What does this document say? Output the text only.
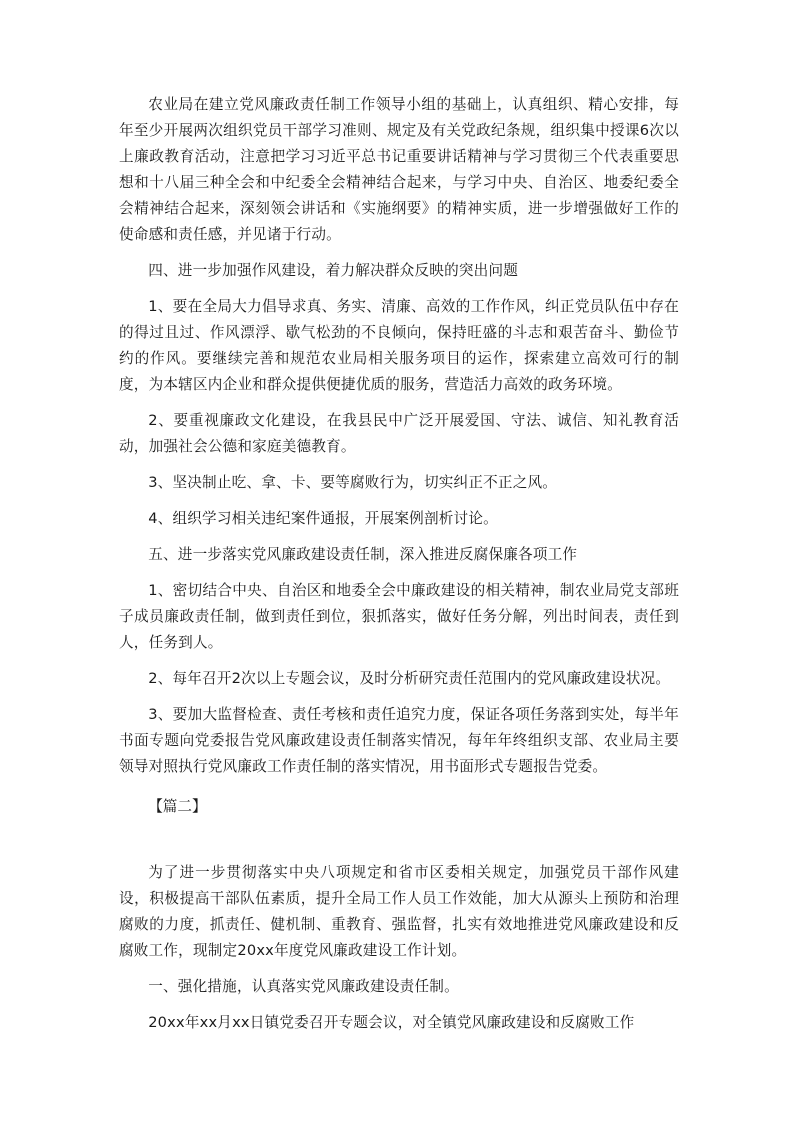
农业局在建立党风廉政责任制工作领导小组的基础上，认真组织、精心安排，每年至少开展两次组织党员干部学习准则、规定及有关党政纪条规，组织集中授课6次以上廉政教育活动，注意把学习习近平总书记重要讲话精神与学习贯彻三个代表重要思想和十八届三种全会和中纪委全会精神结合起来，与学习中央、自治区、地委纪委全会精神结合起来，深刻领会讲话和《实施纲要》的精神实质，进一步增强做好工作的使命感和责任感，并见诸于行动。

四、进一步加强作风建设，着力解决群众反映的突出问题

1、要在全局大力倡导求真、务实、清廉、高效的工作作风，纠正党员队伍中存在的得过且过、作风漂浮、歇气松劲的不良倾向，保持旺盛的斗志和艰苦奋斗、勤俭节约的作风。要继续完善和规范农业局相关服务项目的运作，探索建立高效可行的制度，为本辖区内企业和群众提供便捷优质的服务，营造活力高效的政务环境。

2、要重视廉政文化建设，在我县民中广泛开展爱国、守法、诚信、知礼教育活动，加强社会公德和家庭美德教育。

3、坚决制止吃、拿、卡、要等腐败行为，切实纠正不正之风。

4、组织学习相关违纪案件通报，开展案例剖析讨论。

五、进一步落实党风廉政建设责任制，深入推进反腐保廉各项工作

1、密切结合中央、自治区和地委全会中廉政建设的相关精神，制农业局党支部班子成员廉政责任制，做到责任到位，狠抓落实，做好任务分解，列出时间表，责任到人，任务到人。

2、每年召开2次以上专题会议，及时分析研究责任范围内的党风廉政建设状况。

3、要加大监督检查、责任考核和责任追究力度，保证各项任务落到实处，每半年书面专题向党委报告党风廉政建设责任制落实情况，每年年终组织支部、农业局主要领导对照执行党风廉政工作责任制的落实情况，用书面形式专题报告党委。

【篇二】

为了进一步贯彻落实中央八项规定和省市区委相关规定，加强党员干部作风建设，积极提高干部队伍素质，提升全局工作人员工作效能，加大从源头上预防和治理腐败的力度，抓责任、健机制、重教育、强监督，扎实有效地推进党风廉政建设和反腐败工作，现制定20xx年度党风廉政建设工作计划。

一、强化措施，认真落实党风廉政建设责任制。

20xx年xx月xx日镇党委召开专题会议，对全镇党风廉政建设和反腐败工作
